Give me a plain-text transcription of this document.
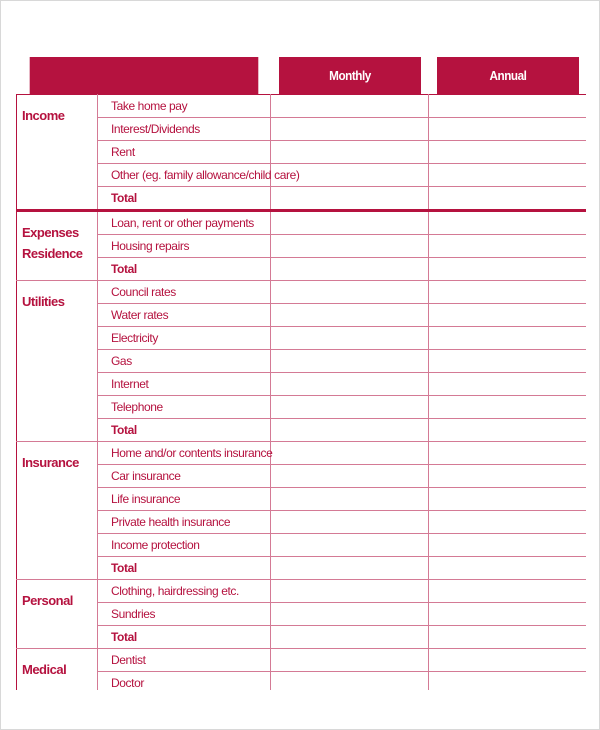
		Monthly	Annual
Income	Take home pay		
	Interest/Dividends		
	Rent		
	Other (eg. family allowance/child care)		
	Total		
Expenses Residence	Loan, rent or other payments		
	Housing repairs		
	Total		
Utilities	Council rates		
	Water rates		
	Electricity		
	Gas		
	Internet		
	Telephone		
	Total		
Insurance	Home and/or contents insurance		
	Car insurance		
	Life insurance		
	Private health insurance		
	Income protection		
	Total		
Personal	Clothing, hairdressing etc.		
	Sundries		
	Total		
Medical	Dentist		
	Doctor		
